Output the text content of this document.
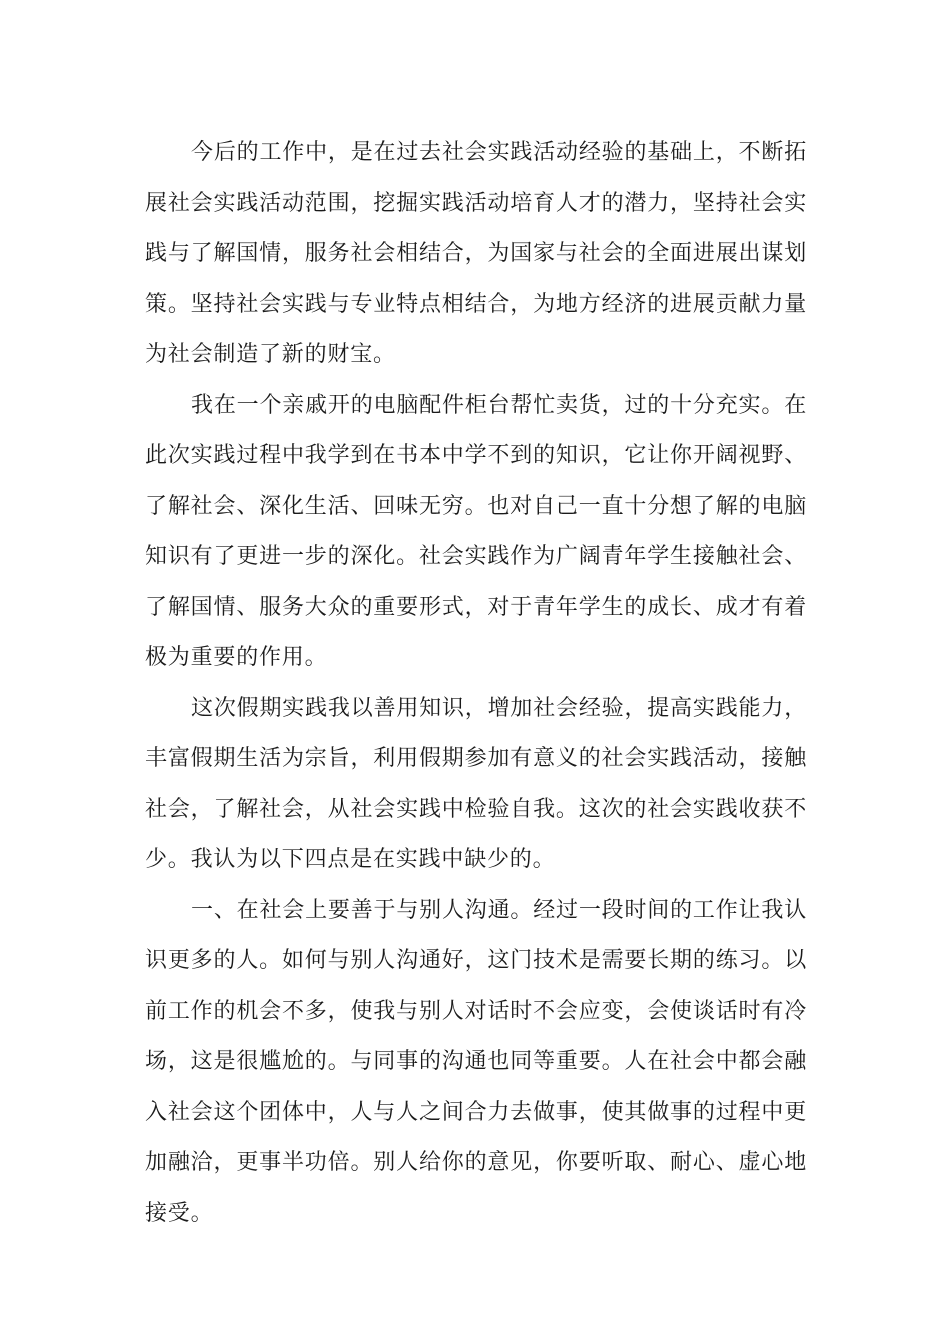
今后的工作中，是在过去社会实践活动经验的基础上，不断拓展社会实践活动范围，挖掘实践活动培育人才的潜力，坚持社会实践与了解国情，服务社会相结合，为国家与社会的全面进展出谋划策。坚持社会实践与专业特点相结合，为地方经济的进展贡献力量为社会制造了新的财宝。

我在一个亲戚开的电脑配件柜台帮忙卖货，过的十分充实。在此次实践过程中我学到在书本中学不到的知识，它让你开阔视野、了解社会、深化生活、回味无穷。也对自己一直十分想了解的电脑知识有了更进一步的深化。社会实践作为广阔青年学生接触社会、了解国情、服务大众的重要形式，对于青年学生的成长、成才有着极为重要的作用。

这次假期实践我以善用知识，增加社会经验，提高实践能力，丰富假期生活为宗旨，利用假期参加有意义的社会实践活动，接触社会，了解社会，从社会实践中检验自我。这次的社会实践收获不少。我认为以下四点是在实践中缺少的。

一、在社会上要善于与别人沟通。经过一段时间的工作让我认识更多的人。如何与别人沟通好，这门技术是需要长期的练习。以前工作的机会不多，使我与别人对话时不会应变，会使谈话时有冷场，这是很尴尬的。与同事的沟通也同等重要。人在社会中都会融入社会这个团体中，人与人之间合力去做事，使其做事的过程中更加融洽，更事半功倍。别人给你的意见，你要听取、耐心、虚心地接受。
